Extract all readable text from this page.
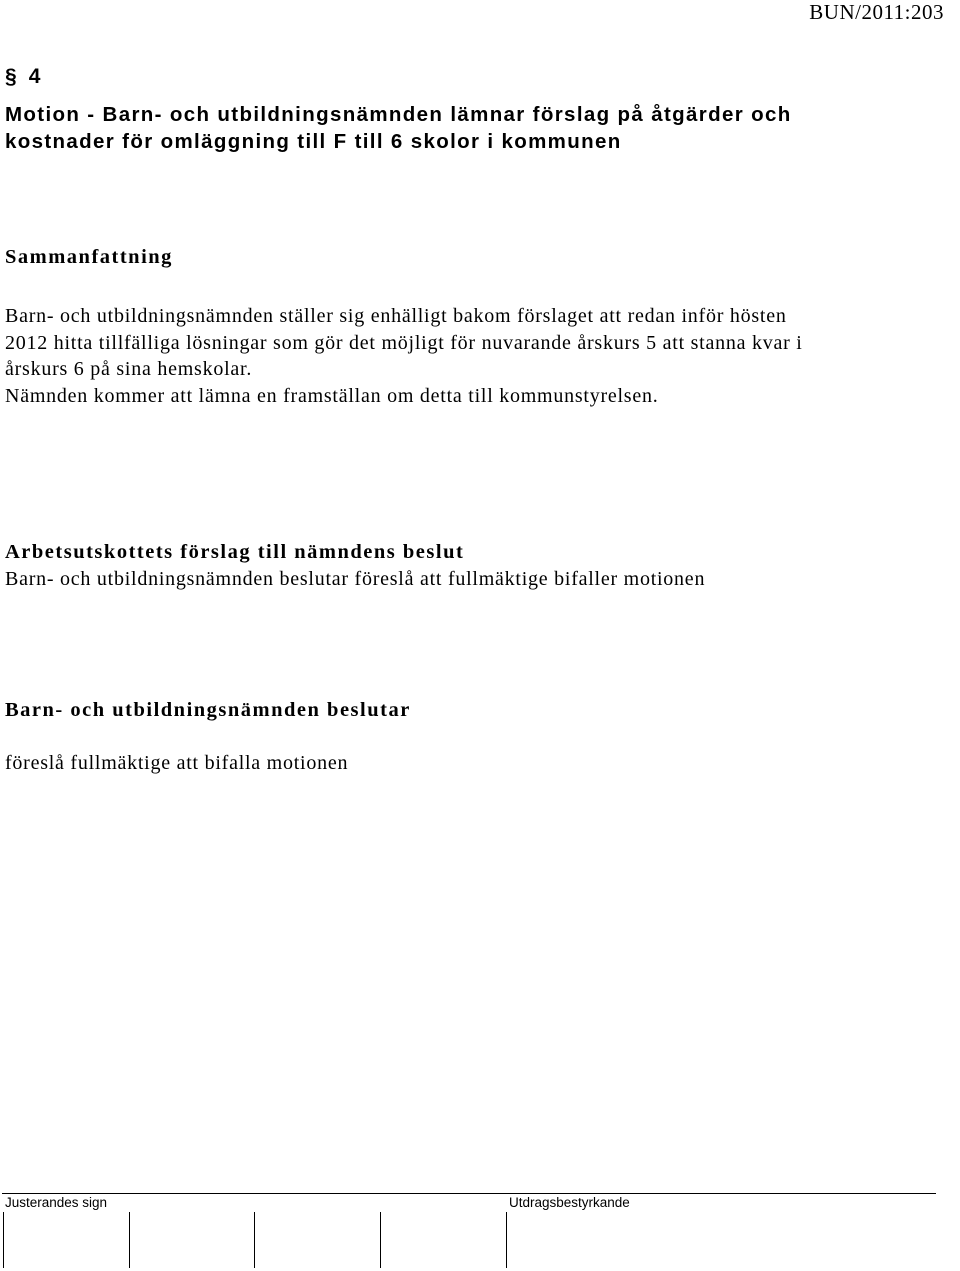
BUN/2011:203
§ 4
Motion - Barn- och utbildningsnämnden lämnar förslag på åtgärder och
kostnader för omläggning till F till 6 skolor i kommunen
Sammanfattning

Barn- och utbildningsnämnden ställer sig enhälligt bakom förslaget att redan inför hösten
2012 hitta tillfälliga lösningar som gör det möjligt för nuvarande årskurs 5 att stanna kvar i
årskurs 6 på sina hemskolar.
Nämnden kommer att lämna en framställan om detta till kommunstyrelsen.

Arbetsutskottets förslag till nämndens beslut

Barn- och utbildningsnämnden beslutar föreslå att fullmäktige bifaller motionen

Barn- och utbildningsnämnden beslutar

föreslå fullmäktige att bifalla motionen

Justerandes sign	Utdragsbestyrkande
